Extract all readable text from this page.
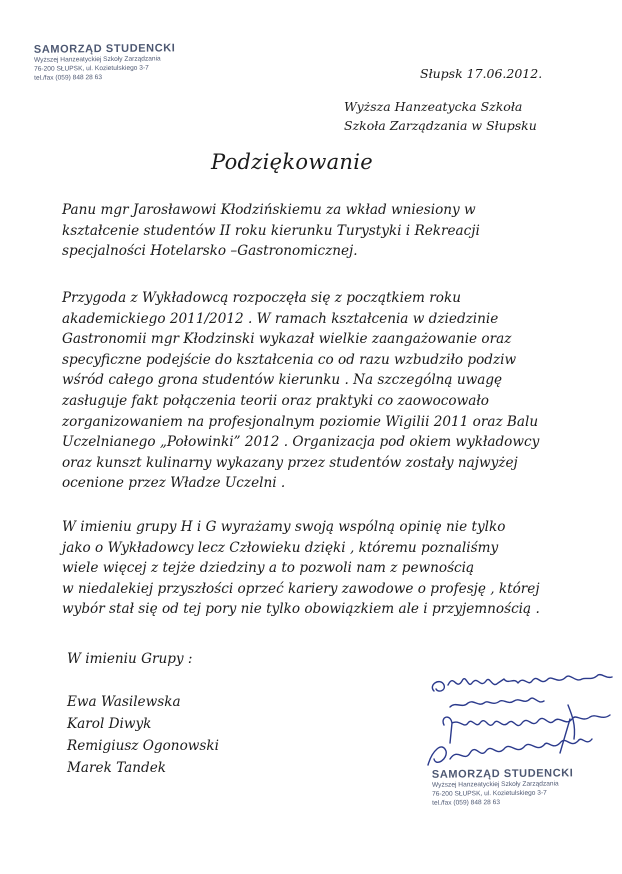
SAMORZĄD STUDENCKI
Wyższej Hanzeatyckiej Szkoły Zarządzania
76-200 SŁUPSK, ul. Kozietulskiego 3-7
tel./fax (059) 848 28 63	Słupsk 17.06.2012.
Wyższa Hanzeatycka Szkoła
Szkoła Zarządzania w Słupsku
Podziękowanie
Panu mgr Jarosławowi Kłodzińskiemu za wkład wniesiony w
kształcenie studentów II roku kierunku Turystyki i Rekreacji
specjalności Hotelarsko –Gastronomicznej.
Przygoda z Wykładowcą rozpoczęła się z początkiem roku
akademickiego 2011/2012 . W ramach kształcenia w dziedzinie
Gastronomii mgr Kłodzinski wykazał wielkie zaangażowanie oraz
specyficzne podejście do kształcenia co od razu wzbudziło podziw
wśród całego grona studentów kierunku . Na szczególną uwagę
zasługuje fakt połączenia teorii oraz praktyki co zaowocowało
zorganizowaniem na profesjonalnym poziomie Wigilii 2011 oraz Balu
Uczelnianego „Połowinki” 2012 . Organizacja pod okiem wykładowcy
oraz kunszt kulinarny wykazany przez studentów zostały najwyżej
ocenione przez Władze Uczelni .
W imieniu grupy H i G wyrażamy swoją wspólną opinię nie tylko
jako o Wykładowcy lecz Człowieku dzięki , któremu poznaliśmy
wiele więcej z tejże dziedziny a to pozwoli nam z pewnością
w niedalekiej przyszłości oprzeć kariery zawodowe o profesję , której
wybór stał się od tej pory nie tylko obowiązkiem ale i przyjemnością .
W imieniu Grupy :
Ewa Wasilewska
Karol Diwyk
Remigiusz Ogonowski
Marek Tandek	SAMORZĄD STUDENCKI
Wyższej Hanzeatyckiej Szkoły Zarządzania
76-200 SŁUPSK, ul. Kozietulskiego 3-7
tel./fax (059) 848 28 63
